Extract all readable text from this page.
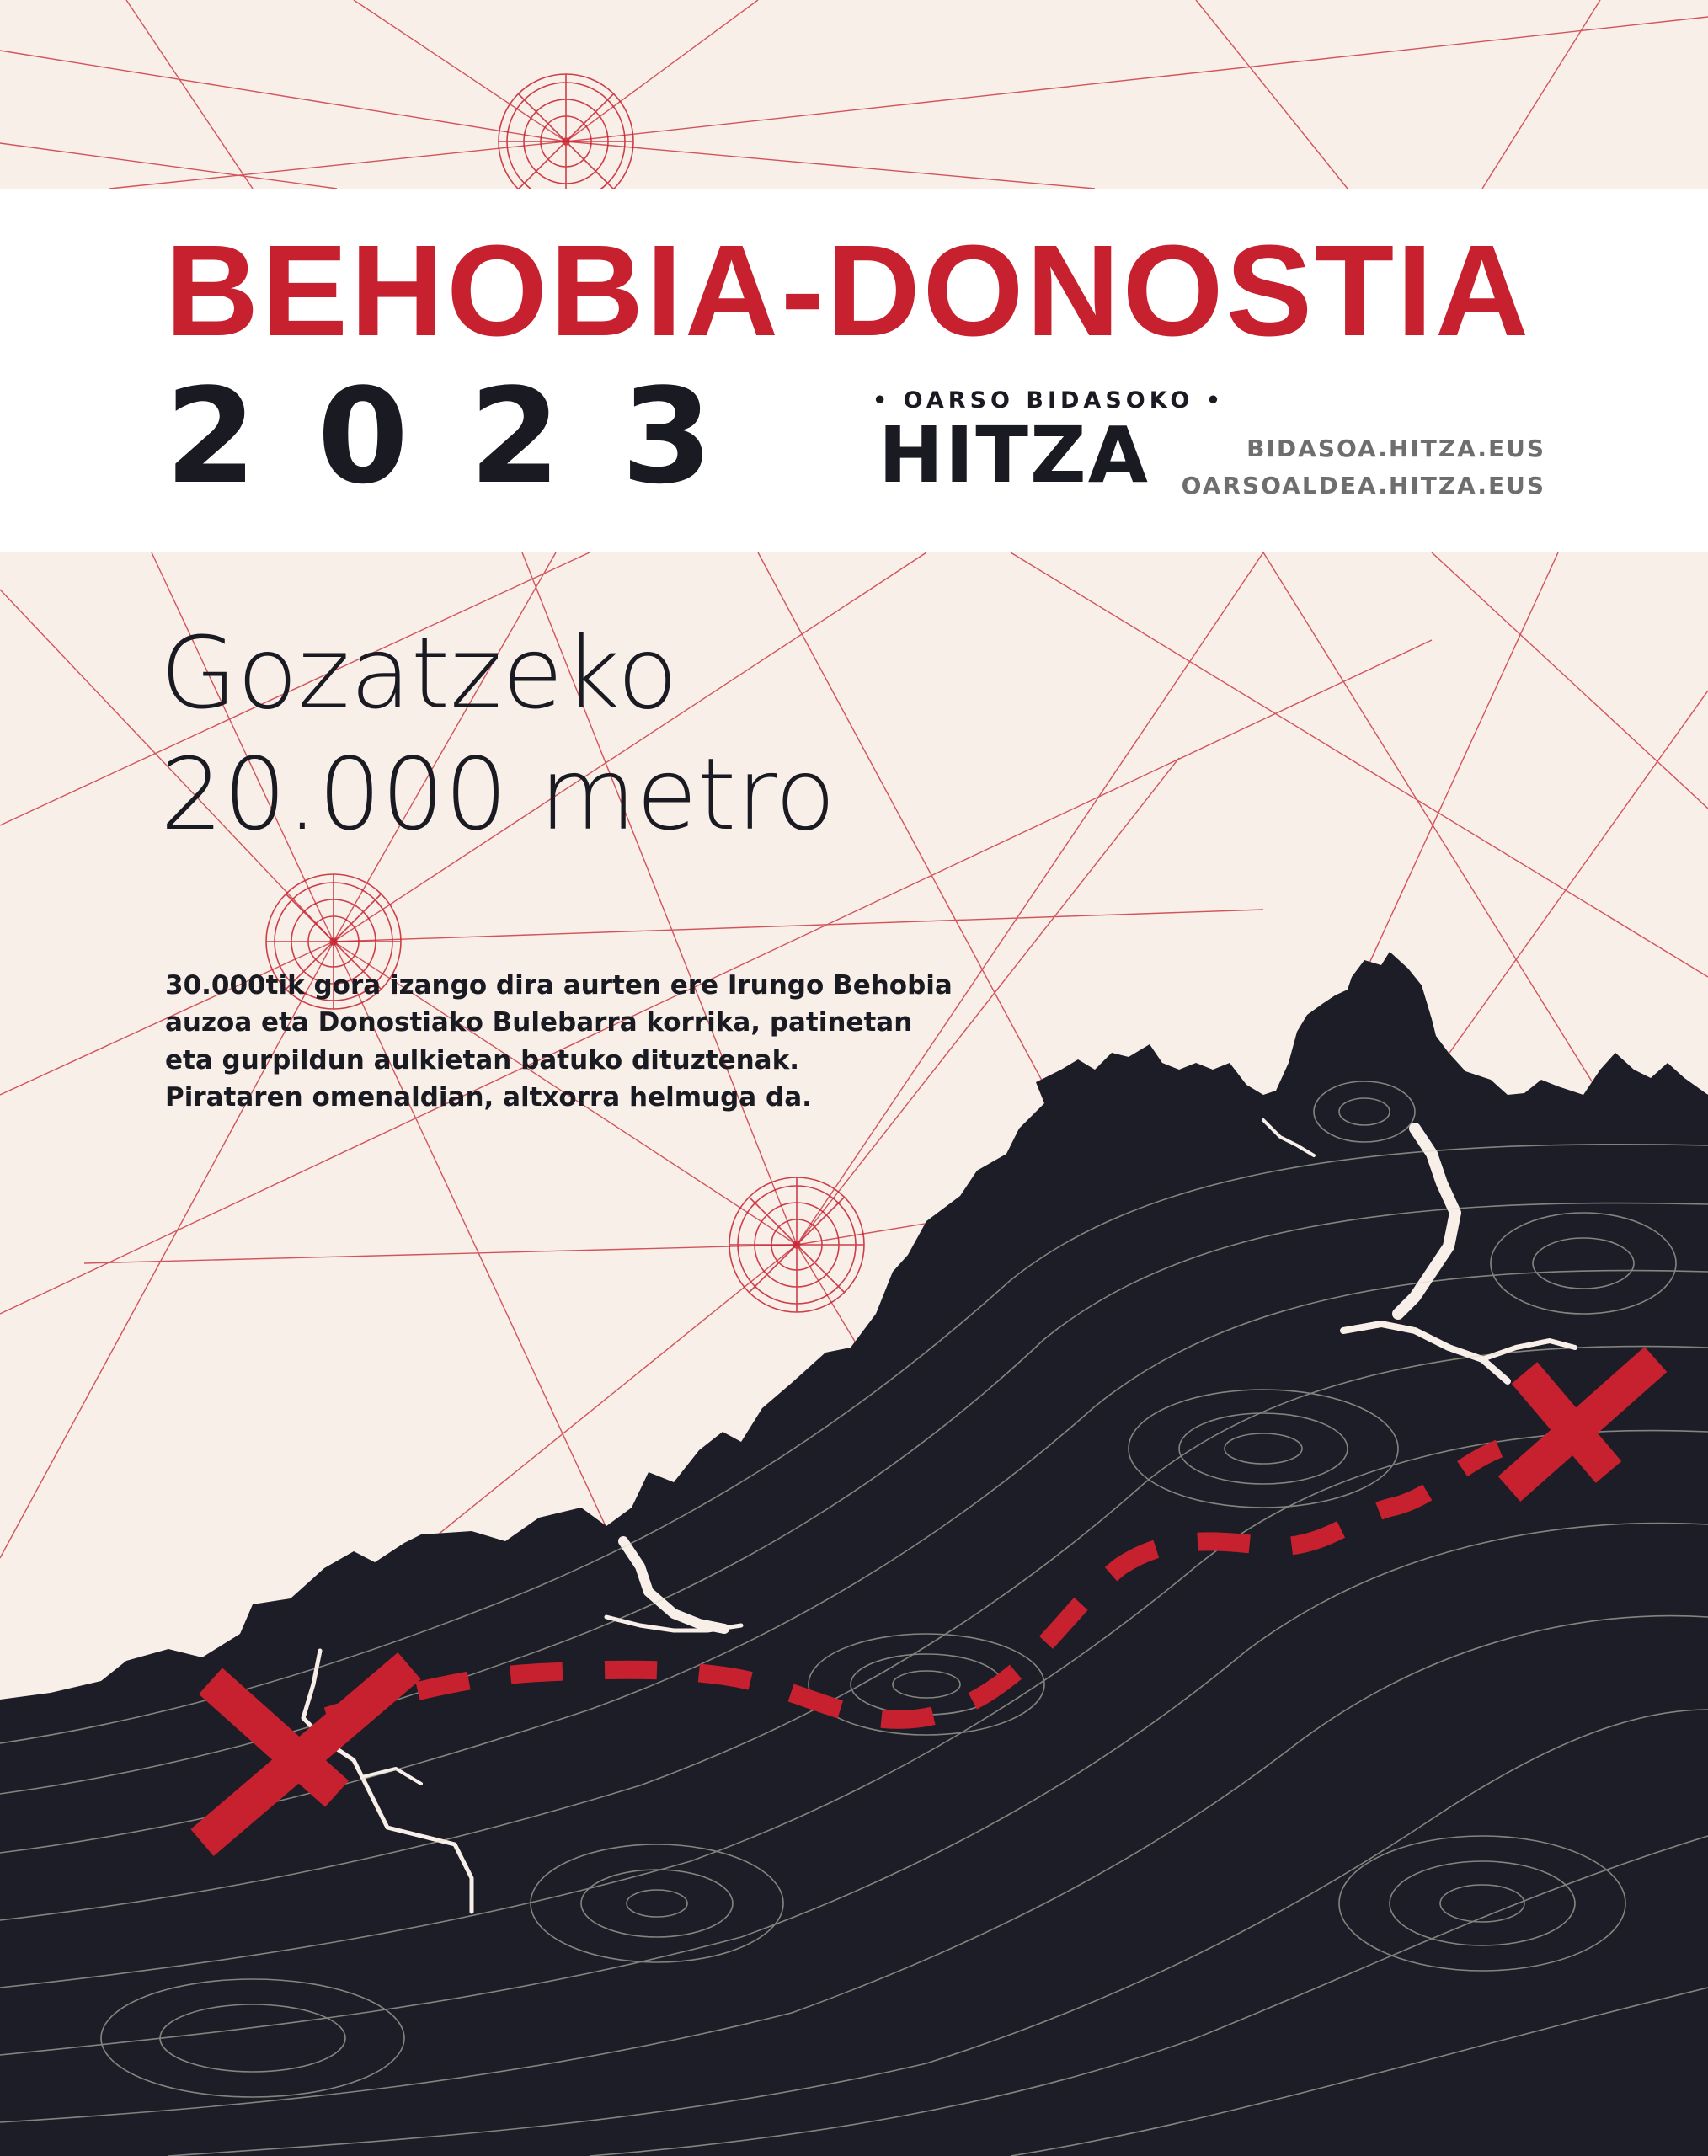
BEHOBIA-DONOSTIA
2023	• OARSO BIDASOKO
HITZA	BIDASOA.HITZA.EUS
OARSOALDEA.HITZA.EUS
Gozatzeko
20.000 metro

30.000tik gora izango dira aurten ere Irungo Behobia
auzoa eta Donostiako Bulebarra korrika, patinetan
eta gurpildun aulkietan batuko dituztenak.
Pirataren omenaldian, altxorra helmuga da.
